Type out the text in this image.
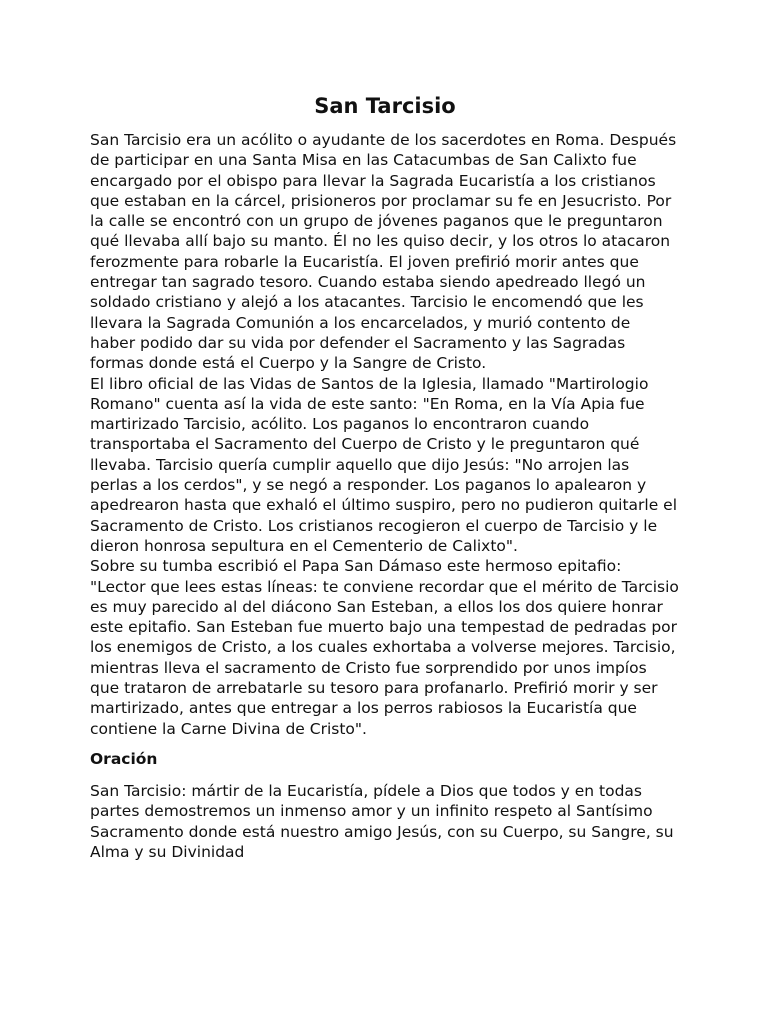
San Tarcisio

San Tarcisio era un acólito o ayudante de los sacerdotes en Roma. Después de participar en una Santa Misa en las Catacumbas de San Calixto fue encargado por el obispo para llevar la Sagrada Eucaristía a los cristianos que estaban en la cárcel, prisioneros por proclamar su fe en Jesucristo. Por la calle se encontró con un grupo de jóvenes paganos que le preguntaron qué llevaba allí bajo su manto. Él no les quiso decir, y los otros lo atacaron ferozmente para robarle la Eucaristía. El joven prefirió morir antes que entregar tan sagrado tesoro. Cuando estaba siendo apedreado llegó un soldado cristiano y alejó a los atacantes. Tarcisio le encomendó que les llevara la Sagrada Comunión a los encarcelados, y murió contento de haber podido dar su vida por defender el Sacramento y las Sagradas formas donde está el Cuerpo y la Sangre de Cristo.

El libro oficial de las Vidas de Santos de la Iglesia, llamado "Martirologio Romano" cuenta así la vida de este santo: "En Roma, en la Vía Apia fue martirizado Tarcisio, acólito. Los paganos lo encontraron cuando transportaba el Sacramento del Cuerpo de Cristo y le preguntaron qué llevaba. Tarcisio quería cumplir aquello que dijo Jesús: "No arrojen las perlas a los cerdos", y se negó a responder. Los paganos lo apalearon y apedrearon hasta que exhaló el último suspiro, pero no pudieron quitarle el Sacramento de Cristo. Los cristianos recogieron el cuerpo de Tarcisio y le dieron honrosa sepultura en el Cementerio de Calixto".

Sobre su tumba escribió el Papa San Dámaso este hermoso epitafio: "Lector que lees estas líneas: te conviene recordar que el mérito de Tarcisio es muy parecido al del diácono San Esteban, a ellos los dos quiere honrar este epitafio. San Esteban fue muerto bajo una tempestad de pedradas por los enemigos de Cristo, a los cuales exhortaba a volverse mejores. Tarcisio, mientras lleva el sacramento de Cristo fue sorprendido por unos impíos que trataron de arrebatarle su tesoro para profanarlo. Prefirió morir y ser martirizado, antes que entregar a los perros rabiosos la Eucaristía que contiene la Carne Divina de Cristo".

Oración

San Tarcisio: mártir de la Eucaristía, pídele a Dios que todos y en todas partes demostremos un inmenso amor y un infinito respeto al Santísimo Sacramento donde está nuestro amigo Jesús, con su Cuerpo, su Sangre, su Alma y su Divinidad
